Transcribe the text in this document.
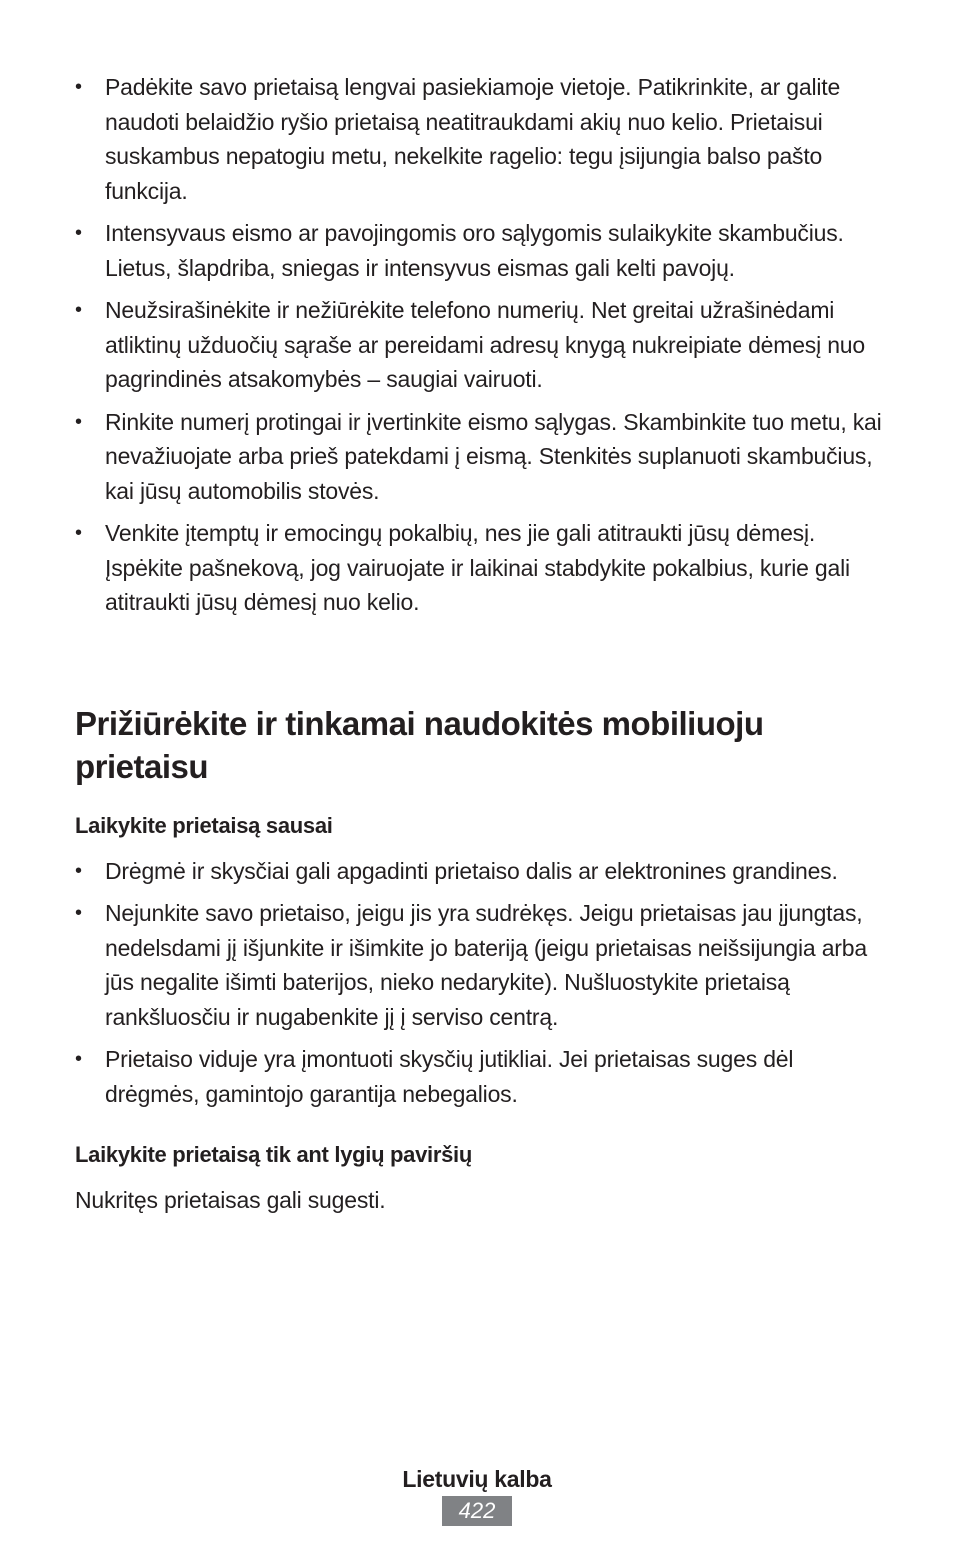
• Padėkite savo prietaisą lengvai pasiekiamoje vietoje. Patikrinkite, ar galite naudoti belaidžio ryšio prietaisą neatitraukdami akių nuo kelio. Prietaisui suskambus nepatogiu metu, nekelkite ragelio: tegu įsijungia balso pašto funkcija.
• Intensyvaus eismo ar pavojingomis oro sąlygomis sulaikykite skambučius. Lietus, šlapdriba, sniegas ir intensyvus eismas gali kelti pavojų.
• Neužsirašinėkite ir nežiūrėkite telefono numerių. Net greitai užrašinėdami atliktinų užduočių sąraše ar pereidami adresų knygą nukreipiate dėmesį nuo pagrindinės atsakomybės – saugiai vairuoti.
• Rinkite numerį protingai ir įvertinkite eismo sąlygas. Skambinkite tuo metu, kai nevažiuojate arba prieš patekdami į eismą. Stenkitės suplanuoti skambučius, kai jūsų automobilis stovės.
• Venkite įtemptų ir emocingų pokalbių, nes jie gali atitraukti jūsų dėmesį. Įspėkite pašnekovą, jog vairuojate ir laikinai stabdykite pokalbius, kurie gali atitraukti jūsų dėmesį nuo kelio.
Prižiūrėkite ir tinkamai naudokitės mobiliuoju prietaisu
Laikykite prietaisą sausai
• Drėgmė ir skysčiai gali apgadinti prietaiso dalis ar elektronines grandines.
• Nejunkite savo prietaiso, jeigu jis yra sudrėkęs. Jeigu prietaisas jau įjungtas, nedelsdami jį išjunkite ir išimkite jo bateriją (jeigu prietaisas neišsijungia arba jūs negalite išimti baterijos, nieko nedarykite). Nušluostykite prietaisą rankšluosčiu ir nugabenkite jį į serviso centrą.
• Prietaiso viduje yra įmontuoti skysčių jutikliai. Jei prietaisas suges dėl drėgmės, gamintojo garantija nebegalios.
Laikykite prietaisą tik ant lygių paviršių

Nukritęs prietaisas gali sugesti.

Lietuvių kalba
422
